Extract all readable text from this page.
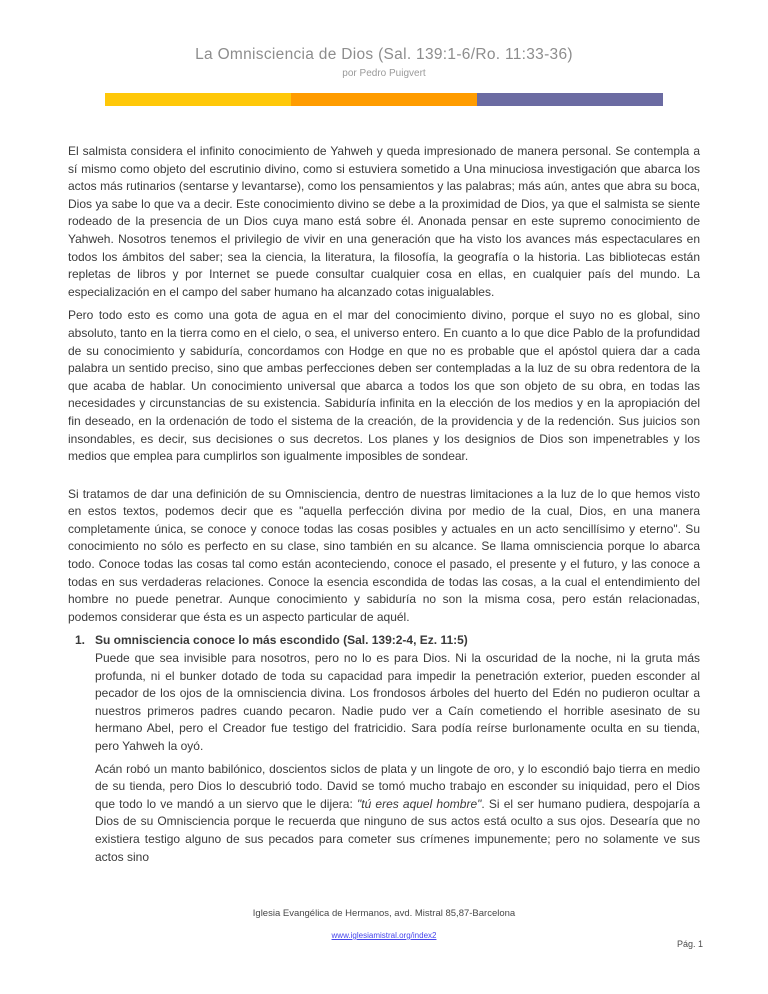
La Omnisciencia de Dios (Sal. 139:1-6/Ro. 11:33-36)
por Pedro Puigvert

El salmista considera el infinito conocimiento de Yahweh y queda impresionado de manera personal. Se contempla a sí mismo como objeto del escrutinio divino, como si estuviera sometido a Una minuciosa investigación que abarca los actos más rutinarios (sentarse y levantarse), como los pensamientos y las palabras; más aún, antes que abra su boca, Dios ya sabe lo que va a decir. Este conocimiento divino se debe a la proximidad de Dios, ya que el salmista se siente rodeado de la presencia de un Dios cuya mano está sobre él. Anonada pensar en este supremo conocimiento de Yahweh. Nosotros tenemos el privilegio de vivir en una generación que ha visto los avances más espectaculares en todos los ámbitos del saber; sea la ciencia, la literatura, la filosofía, la geografía o la historia. Las bibliotecas están repletas de libros y por Internet se puede consultar cualquier cosa en ellas, en cualquier país del mundo. La especialización en el campo del saber humano ha alcanzado cotas inigualables.

Pero todo esto es como una gota de agua en el mar del conocimiento divino, porque el suyo no es global, sino absoluto, tanto en la tierra como en el cielo, o sea, el universo entero. En cuanto a lo que dice Pablo de la profundidad de su conocimiento y sabiduría, concordamos con Hodge en que no es probable que el apóstol quiera dar a cada palabra un sentido preciso, sino que ambas perfecciones deben ser contempladas a la luz de su obra redentora de la que acaba de hablar. Un conocimiento universal que abarca a todos los que son objeto de su obra, en todas las necesidades y circunstancias de su existencia. Sabiduría infinita en la elección de los medios y en la apropiación del fin deseado, en la ordenación de todo el sistema de la creación, de la providencia y de la redención. Sus juicios son insondables, es decir, sus decisiones o sus decretos. Los planes y los designios de Dios son impenetrables y los medios que emplea para cumplirlos son igualmente imposibles de sondear.

Si tratamos de dar una definición de su Omnisciencia, dentro de nuestras limitaciones a la luz de lo que hemos visto en estos textos, podemos decir que es "aquella perfección divina por medio de la cual, Dios, en una manera completamente única, se conoce y conoce todas las cosas posibles y actuales en un acto sencillísimo y eterno". Su conocimiento no sólo es perfecto en su clase, sino también en su alcance. Se llama omnisciencia porque lo abarca todo. Conoce todas las cosas tal como están aconteciendo, conoce el pasado, el presente y el futuro, y las conoce a todas en sus verdaderas relaciones. Conoce la esencia escondida de todas las cosas, a la cual el entendimiento del hombre no puede penetrar. Aunque conocimiento y sabiduría no son la misma cosa, pero están relacionadas, podemos considerar que ésta es un aspecto particular de aquél.

1. Su omnisciencia conoce lo más escondido (Sal. 139:2-4, Ez. 11:5)

Puede que sea invisible para nosotros, pero no lo es para Dios. Ni la oscuridad de la noche, ni la gruta más profunda, ni el bunker dotado de toda su capacidad para impedir la penetración exterior, pueden esconder al pecador de los ojos de la omnisciencia divina. Los frondosos árboles del huerto del Edén no pudieron ocultar a nuestros primeros padres cuando pecaron. Nadie pudo ver a Caín cometiendo el horrible asesinato de su hermano Abel, pero el Creador fue testigo del fratricidio. Sara podía reírse burlonamente oculta en su tienda, pero Yahweh la oyó.

Acán robó un manto babilónico, doscientos siclos de plata y un lingote de oro, y lo escondió bajo tierra en medio de su tienda, pero Dios lo descubrió todo. David se tomó mucho trabajo en esconder su iniquidad, pero el Dios que todo lo ve mandó a un siervo que le dijera: "tú eres aquel hombre". Si el ser humano pudiera, despojaría a Dios de su Omnisciencia porque le recuerda que ninguno de sus actos está oculto a sus ojos. Desearía que no existiera testigo alguno de sus pecados para cometer sus crímenes impunemente; pero no solamente ve sus actos sino

Iglesia Evangélica de Hermanos, avd. Mistral 85,87-Barcelona
www.iglesiamistral.org/index2
Pág. 1
